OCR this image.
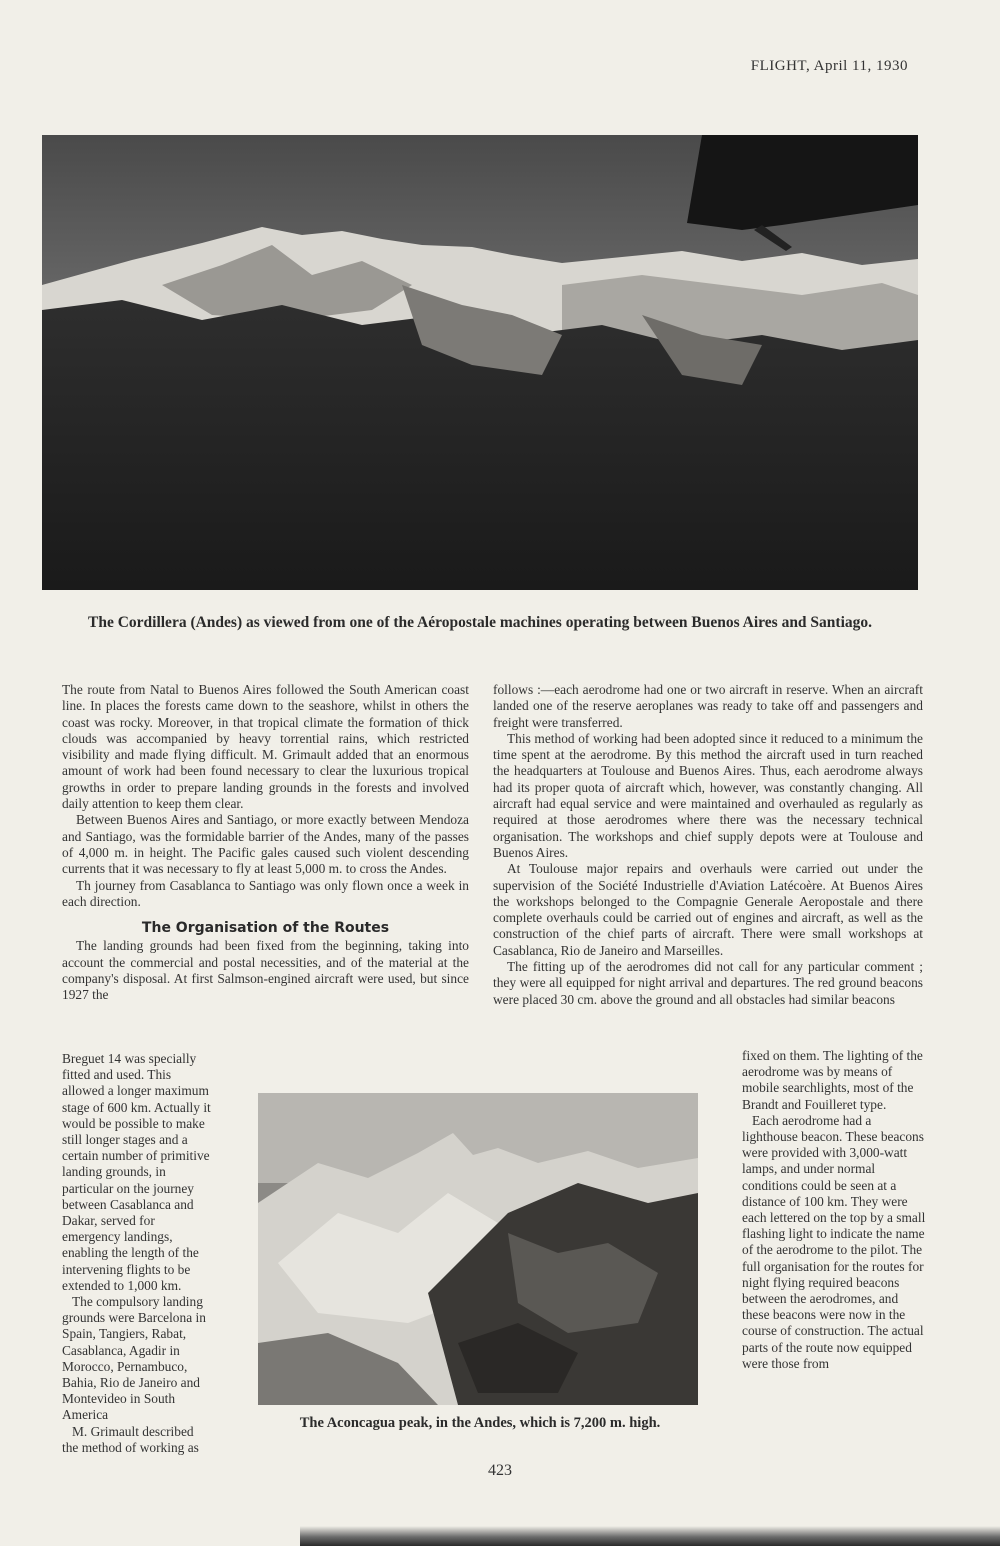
FLIGHT, April 11, 1930
The Cordillera (Andes) as viewed from one of the Aéropostale machines operating between Buenos Aires and Santiago.

The route from Natal to Buenos Aires followed the South American coast line. In places the forests came down to the seashore, whilst in others the coast was rocky. Moreover, in that tropical climate the formation of thick clouds was accompanied by heavy torrential rains, which restricted visibility and made flying difficult. M. Grimault added that an enormous amount of work had been found necessary to clear the luxurious tropical growths in order to prepare landing grounds in the forests and involved daily attention to keep them clear.

Between Buenos Aires and Santiago, or more exactly between Mendoza and Santiago, was the formidable barrier of the Andes, many of the passes of 4,000 m. in height. The Pacific gales caused such violent descending currents that it was necessary to fly at least 5,000 m. to cross the Andes.

Th journey from Casablanca to Santiago was only flown once a week in each direction.

The Organisation of the Routes

The landing grounds had been fixed from the beginning, taking into account the commercial and postal necessities, and of the material at the company's disposal. At first Salmson-engined aircraft were used, but since 1927 the

Breguet 14 was specially fitted and used. This allowed a longer maximum stage of 600 km. Actually it would be possible to make still longer stages and a certain number of primitive landing grounds, in particular on the journey between Casablanca and Dakar, served for emergency landings, enabling the length of the intervening flights to be extended to 1,000 km.

The compulsory landing grounds were Barcelona in Spain, Tangiers, Rabat, Casablanca, Agadir in Morocco, Pernambuco, Bahia, Rio de Janeiro and Montevideo in South America

M. Grimault described the method of working as

follows :—each aerodrome had one or two aircraft in reserve. When an aircraft landed one of the reserve aeroplanes was ready to take off and passengers and freight were transferred.

This method of working had been adopted since it reduced to a minimum the time spent at the aerodrome. By this method the aircraft used in turn reached the headquarters at Toulouse and Buenos Aires. Thus, each aerodrome always had its proper quota of aircraft which, however, was constantly changing. All aircraft had equal service and were maintained and overhauled as regularly as required at those aerodromes where there was the necessary technical organisation. The workshops and chief supply depots were at Toulouse and Buenos Aires.

At Toulouse major repairs and overhauls were carried out under the supervision of the Société Industrielle d'Aviation Latécoère. At Buenos Aires the workshops belonged to the Compagnie Generale Aeropostale and there complete overhauls could be carried out of engines and aircraft, as well as the construction of the chief parts of aircraft. There were small workshops at Casablanca, Rio de Janeiro and Marseilles.

The fitting up of the aerodromes did not call for any particular comment ; they were all equipped for night arrival and departures. The red ground beacons were placed 30 cm. above the ground and all obstacles had similar beacons

fixed on them. The lighting of the aerodrome was by means of mobile searchlights, most of the Brandt and Fouilleret type.

Each aerodrome had a lighthouse beacon. These beacons were provided with 3,000-watt lamps, and under normal conditions could be seen at a distance of 100 km. They were each lettered on the top by a small flashing light to indicate the name of the aerodrome to the pilot. The full organisation for the routes for night flying required beacons between the aerodromes, and these beacons were now in the course of construction. The actual parts of the route now equipped were those from

The Aconcagua peak, in the Andes, which is 7,200 m. high.
423
